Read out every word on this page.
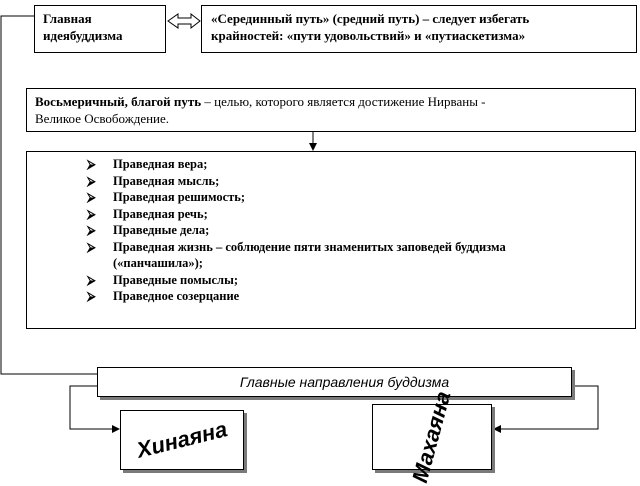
Главная
идеябуддизма
«Серединный путь» (средний путь) – следует избегать
крайностей: «пути удовольствий» и «путиаскетизма»
Восьмеричный, благой путь – целью, которого является достижение Нирваны -
Великое Освобождение.
⮚ Праведная вера;
⮚ Праведная мысль;
⮚ Праведная решимость;
⮚ Праведная речь;
⮚ Праведные дела;
⮚ Праведная жизнь – соблюдение пяти знаменитых заповедей буддизма
(«панчашила»);
⮚ Праведные помыслы;
⮚ Праведное созерцание
Главные направления буддизма
Хинаяна	Махаяна
